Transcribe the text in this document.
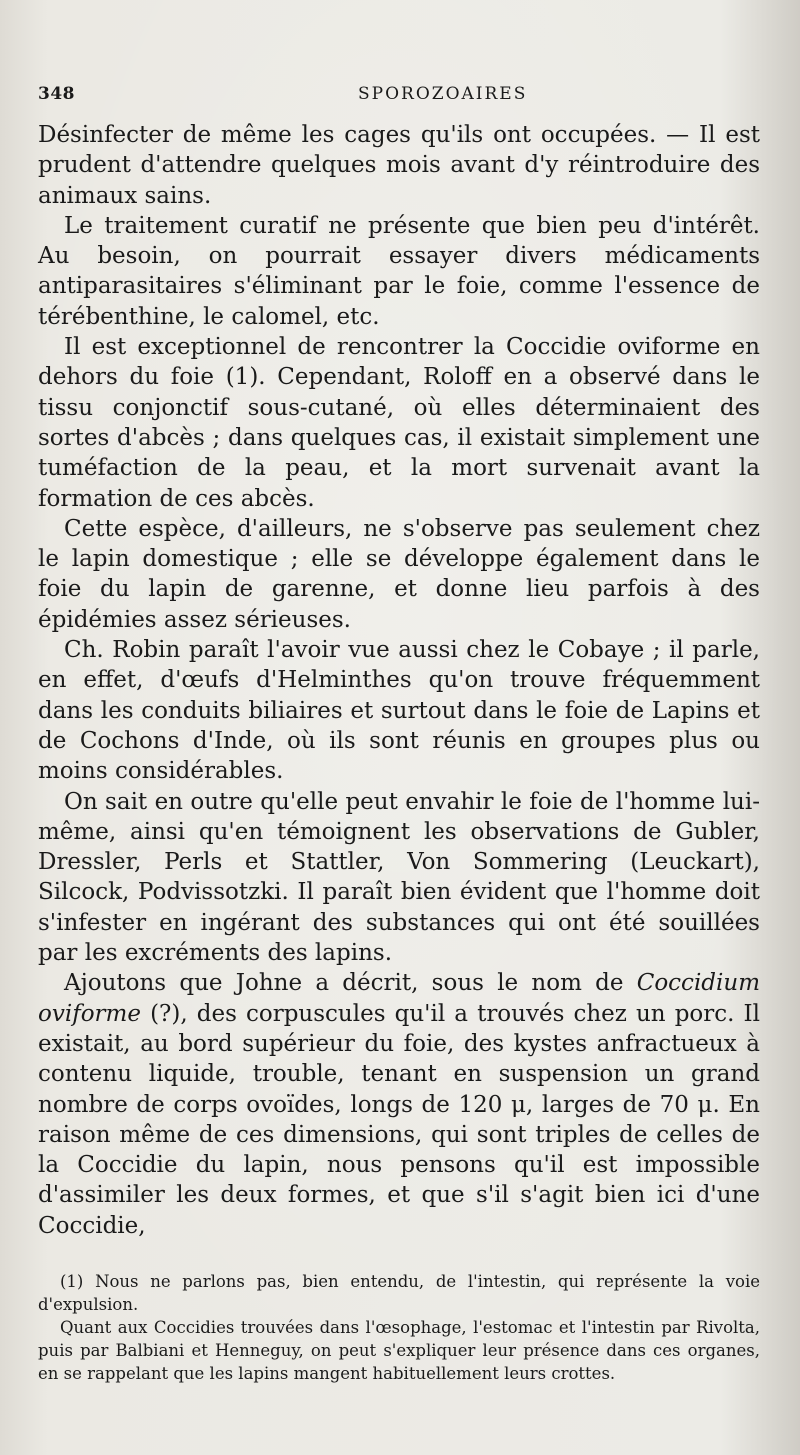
348	SPOROZOAIRES

Désinfecter de même les cages qu'ils ont occupées. — Il est prudent d'attendre quelques mois avant d'y réintroduire des animaux sains.

Le traitement curatif ne présente que bien peu d'intérêt. Au besoin, on pourrait essayer divers médicaments antiparasitaires s'éliminant par le foie, comme l'essence de térébenthine, le calomel, etc.

Il est exceptionnel de rencontrer la Coccidie oviforme en dehors du foie (1). Cependant, Roloff en a observé dans le tissu conjonctif sous-cutané, où elles déterminaient des sortes d'abcès ; dans quelques cas, il existait simplement une tuméfaction de la peau, et la mort survenait avant la formation de ces abcès.

Cette espèce, d'ailleurs, ne s'observe pas seulement chez le lapin domestique ; elle se développe également dans le foie du lapin de garenne, et donne lieu parfois à des épidémies assez sérieuses.

Ch. Robin paraît l'avoir vue aussi chez le Cobaye ; il parle, en effet, d'œufs d'Helminthes qu'on trouve fréquemment dans les conduits biliaires et surtout dans le foie de Lapins et de Cochons d'Inde, où ils sont réunis en groupes plus ou moins considérables.

On sait en outre qu'elle peut envahir le foie de l'homme lui-même, ainsi qu'en témoignent les observations de Gubler, Dressler, Perls et Stattler, Von Sommering (Leuckart), Silcock, Podvissotzki. Il paraît bien évident que l'homme doit s'infester en ingérant des substances qui ont été souillées par les excréments des lapins.

Ajoutons que Johne a décrit, sous le nom de Coccidium oviforme (?), des corpuscules qu'il a trouvés chez un porc. Il existait, au bord supérieur du foie, des kystes anfractueux à contenu liquide, trouble, tenant en suspension un grand nombre de corps ovoïdes, longs de 120 μ, larges de 70 μ. En raison même de ces dimensions, qui sont triples de celles de la Coccidie du lapin, nous pensons qu'il est impossible d'assimiler les deux formes, et que s'il s'agit bien ici d'une Coccidie,

(1) Nous ne parlons pas, bien entendu, de l'intestin, qui représente la voie d'expulsion.

Quant aux Coccidies trouvées dans l'œsophage, l'estomac et l'intestin par Rivolta, puis par Balbiani et Henneguy, on peut s'expliquer leur présence dans ces organes, en se rappelant que les lapins mangent habituellement leurs crottes.
